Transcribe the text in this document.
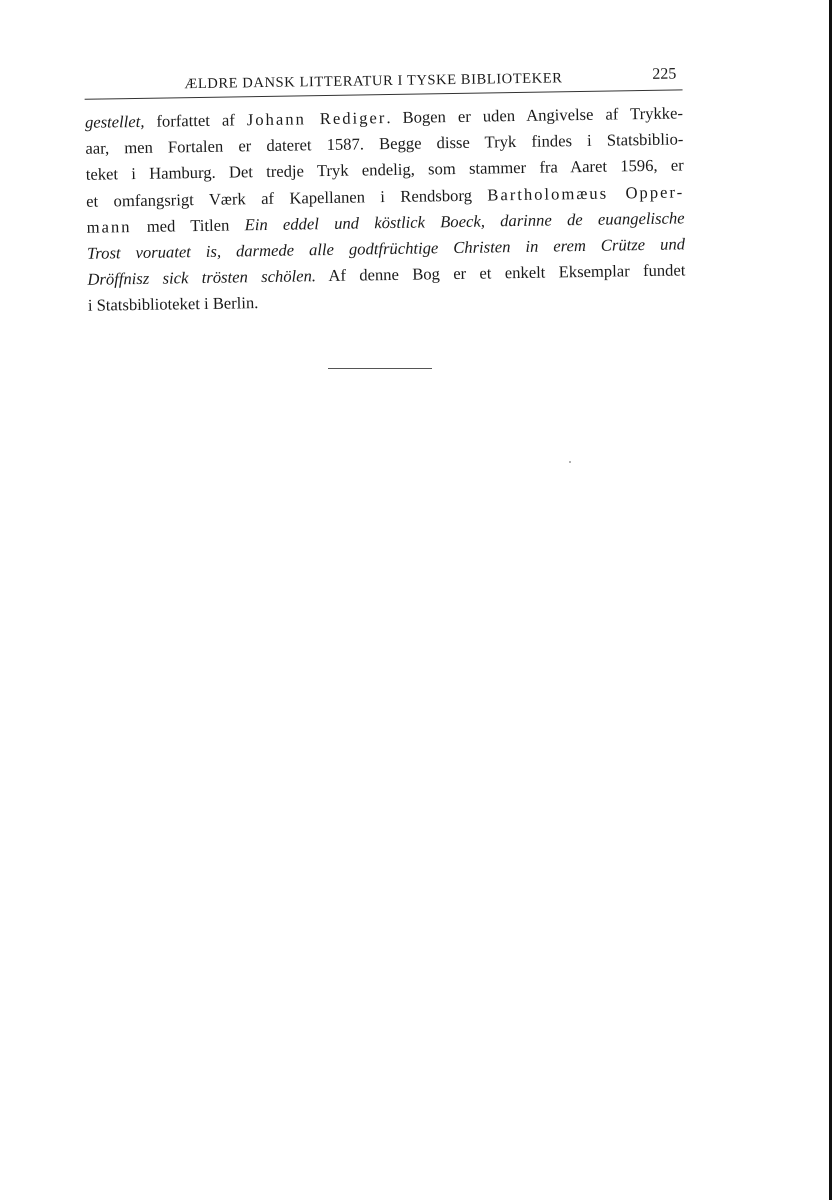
ÆLDRE DANSK LITTERATUR I TYSKE BIBLIOTEKER	225
gestellet, forfattet af Johann Rediger. Bogen er uden Angivelse af Trykke-
aar, men Fortalen er dateret 1587. Begge disse Tryk findes i Statsbiblio-
teket i Hamburg. Det tredje Tryk endelig, som stammer fra Aaret 1596, er
et omfangsrigt Værk af Kapellanen i Rendsborg Bartholomæus Opper-
mann med Titlen Ein eddel und köstlick Boeck, darinne de euangelische
Trost voruatet is, darmede alle godtfrüchtige Christen in erem Crütze und
Dröffnisz sick trösten schölen. Af denne Bog er et enkelt Eksemplar fundet
i Statsbiblioteket i Berlin.
